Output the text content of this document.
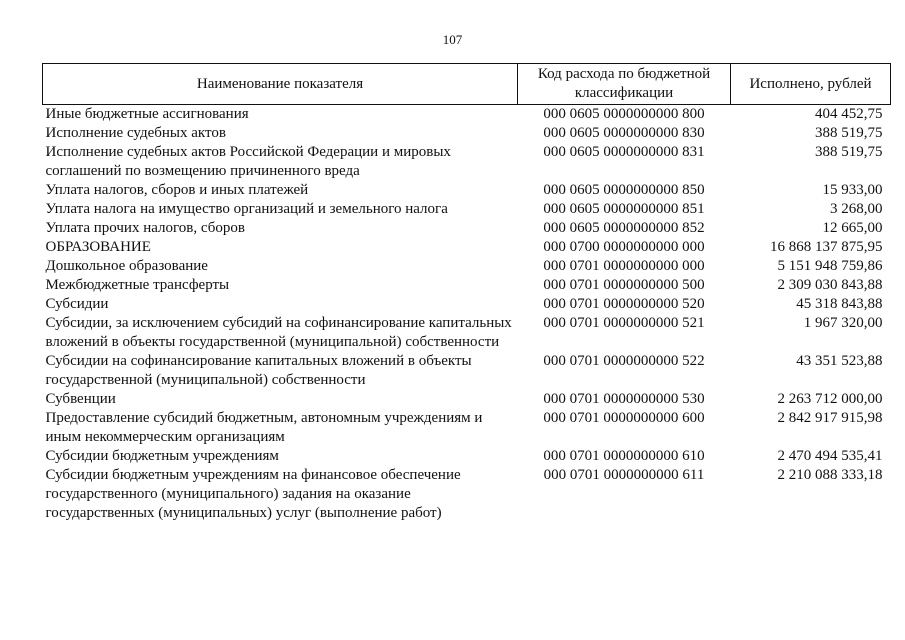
107
Наименование показателя	Код расхода по бюджетной классификации	Исполнено, рублей
Иные бюджетные ассигнования	000 0605 0000000000 800	404 452,75
Исполнение судебных актов	000 0605 0000000000 830	388 519,75
Исполнение судебных актов Российской Федерации и мировых соглашений по возмещению причиненного вреда	000 0605 0000000000 831	388 519,75
Уплата налогов, сборов и иных платежей	000 0605 0000000000 850	15 933,00
Уплата налога на имущество организаций и земельного налога	000 0605 0000000000 851	3 268,00
Уплата прочих налогов, сборов	000 0605 0000000000 852	12 665,00
ОБРАЗОВАНИЕ	000 0700 0000000000 000	16 868 137 875,95
Дошкольное образование	000 0701 0000000000 000	5 151 948 759,86
Межбюджетные трансферты	000 0701 0000000000 500	2 309 030 843,88
Субсидии	000 0701 0000000000 520	45 318 843,88
Субсидии, за исключением субсидий на софинансирование капитальных вложений в объекты государственной (муниципальной) собственности	000 0701 0000000000 521	1 967 320,00
Субсидии на софинансирование капитальных вложений в объекты государственной (муниципальной) собственности	000 0701 0000000000 522	43 351 523,88
Субвенции	000 0701 0000000000 530	2 263 712 000,00
Предоставление субсидий бюджетным, автономным учреждениям и иным некоммерческим организациям	000 0701 0000000000 600	2 842 917 915,98
Субсидии бюджетным учреждениям	000 0701 0000000000 610	2 470 494 535,41
Субсидии бюджетным учреждениям на финансовое обеспечение государственного (муниципального) задания на оказание государственных (муниципальных) услуг (выполнение работ)	000 0701 0000000000 611	2 210 088 333,18
